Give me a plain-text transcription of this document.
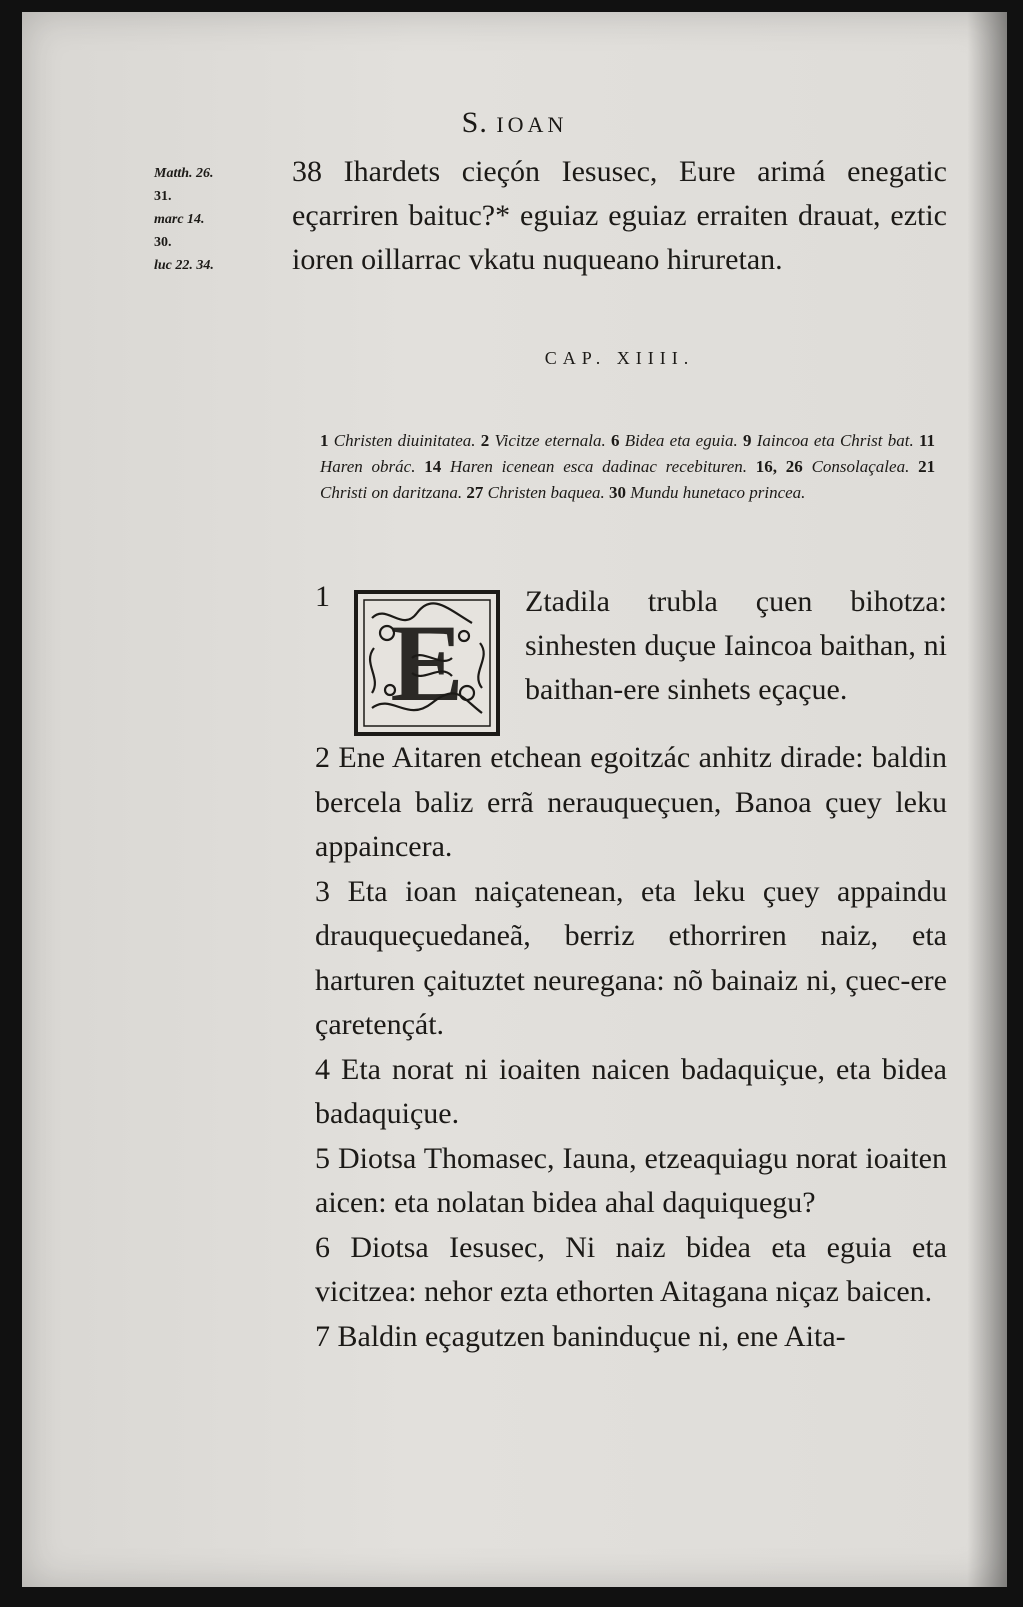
S. IOAN
Matth. 26.
31.
marc 14.
30.
luc 22. 34.
38 Ihardets cieçón Iesusec, Eure arimá enegatic eçarriren baituc?* eguiaz eguiaz erraiten drauat, eztic ioren oillarrac vkatu nuqueano hiruretan.
CAP. XIIII.
1 Christen diuinitatea. 2 Vicitze eternala. 6 Bidea eta eguia. 9 Iaincoa eta Christ bat. 11 Haren obrác. 14 Haren icenean esca dadinac recebituren. 16, 26 Consolaçalea. 21 Christi on daritzana. 27 Christen baquea. 30 Mundu hunetaco princea.
1
E
Ztadila trubla çuen bihotza: sinhesten duçue Iaincoa baithan, ni baithan-ere sinhets eçaçue.
2 Ene Aitaren etchean egoitzác anhitz dirade: baldin bercela baliz errã nerauqueçuen, Banoa çuey leku appaincera.
3 Eta ioan naiçatenean, eta leku çuey appaindu drauqueçuedaneã, berriz ethorriren naiz, eta harturen çaituztet neuregana: nõ bainaiz ni, çuec-ere çaretençát.
4 Eta norat ni ioaiten naicen badaquiçue, eta bidea badaquiçue.
5 Diotsa Thomasec, Iauna, etzeaquiagu norat ioaiten aicen: eta nolatan bidea ahal daquiquegu?
6 Diotsa Iesusec, Ni naiz bidea eta eguia eta vicitzea: nehor ezta ethorten Aitagana niçaz baicen.
7 Baldin eçagutzen baninduçue ni, ene Aita-
